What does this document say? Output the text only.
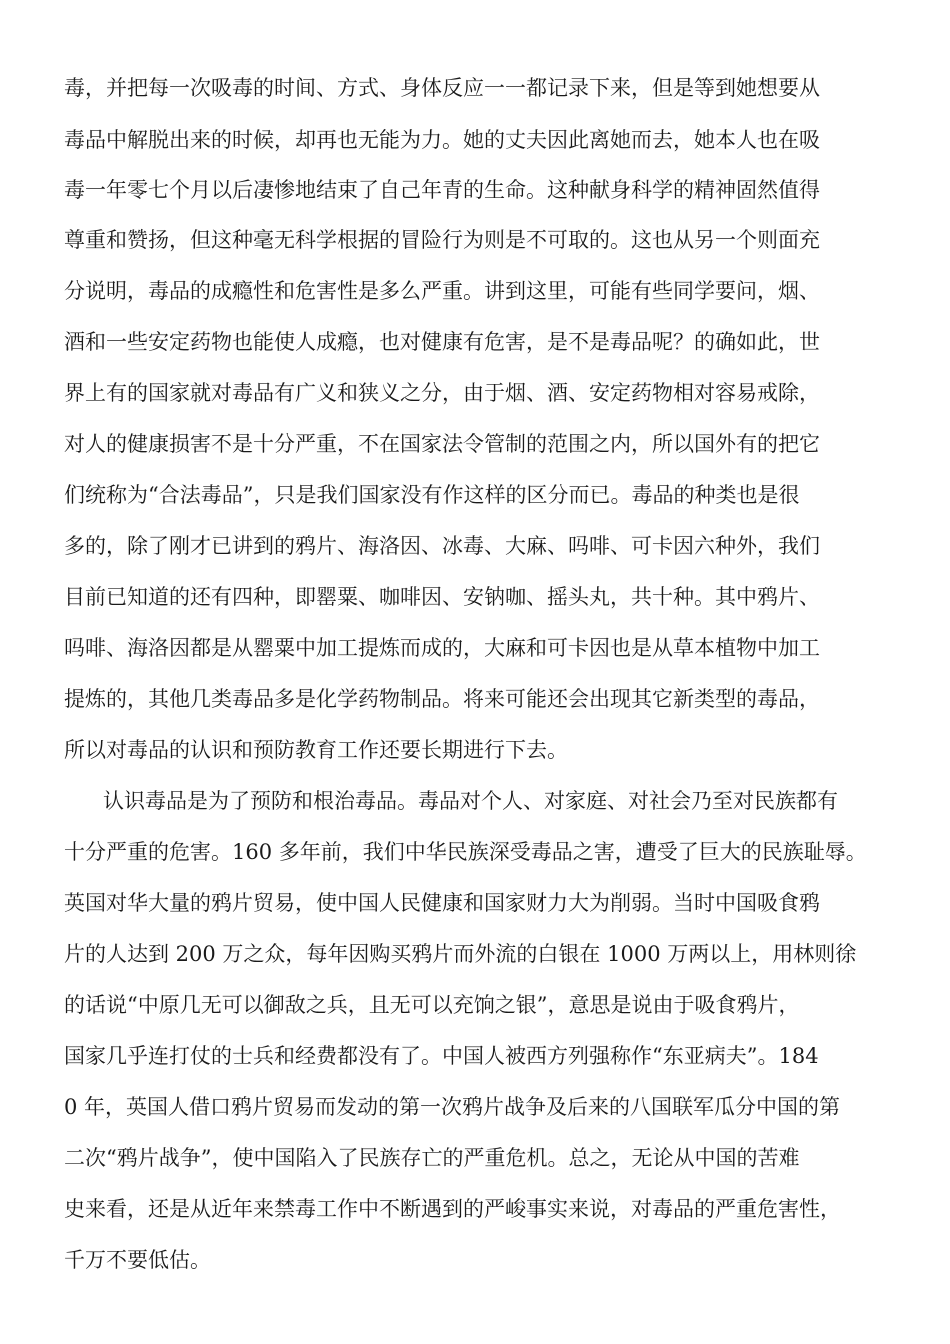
毒，并把每一次吸毒的时间、方式、身体反应一一都记录下来，但是等到她想要从
毒品中解脱出来的时候，却再也无能为力。她的丈夫因此离她而去，她本人也在吸
毒一年零七个月以后凄惨地结束了自己年青的生命。这种献身科学的精神固然值得
尊重和赞扬，但这种毫无科学根据的冒险行为则是不可取的。这也从另一个则面充
分说明，毒品的成瘾性和危害性是多么严重。讲到这里，可能有些同学要问，烟、
酒和一些安定药物也能使人成瘾，也对健康有危害，是不是毒品呢？的确如此，世
界上有的国家就对毒品有广义和狭义之分，由于烟、酒、安定药物相对容易戒除，
对人的健康损害不是十分严重，不在国家法令管制的范围之内，所以国外有的把它
们统称为“合法毒品”，只是我们国家没有作这样的区分而已。毒品的种类也是很
多的，除了刚才已讲到的鸦片、海洛因、冰毒、大麻、吗啡、可卡因六种外，我们
目前已知道的还有四种，即罂粟、咖啡因、安钠咖、摇头丸，共十种。其中鸦片、
吗啡、海洛因都是从罂粟中加工提炼而成的，大麻和可卡因也是从草本植物中加工
提炼的，其他几类毒品多是化学药物制品。将来可能还会出现其它新类型的毒品，
所以对毒品的认识和预防教育工作还要长期进行下去。
认识毒品是为了预防和根治毒品。毒品对个人、对家庭、对社会乃至对民族都有
十分严重的危害。160 多年前，我们中华民族深受毒品之害，遭受了巨大的民族耻辱。
英国对华大量的鸦片贸易，使中国人民健康和国家财力大为削弱。当时中国吸食鸦
片的人达到 200 万之众，每年因购买鸦片而外流的白银在 1000 万两以上，用林则徐
的话说“中原几无可以御敌之兵，且无可以充饷之银”，意思是说由于吸食鸦片，
国家几乎连打仗的士兵和经费都没有了。中国人被西方列强称作“东亚病夫”。184
0 年，英国人借口鸦片贸易而发动的第一次鸦片战争及后来的八国联军瓜分中国的第
二次“鸦片战争”，使中国陷入了民族存亡的严重危机。总之，无论从中国的苦难
史来看，还是从近年来禁毒工作中不断遇到的严峻事实来说，对毒品的严重危害性，
千万不要低估。
